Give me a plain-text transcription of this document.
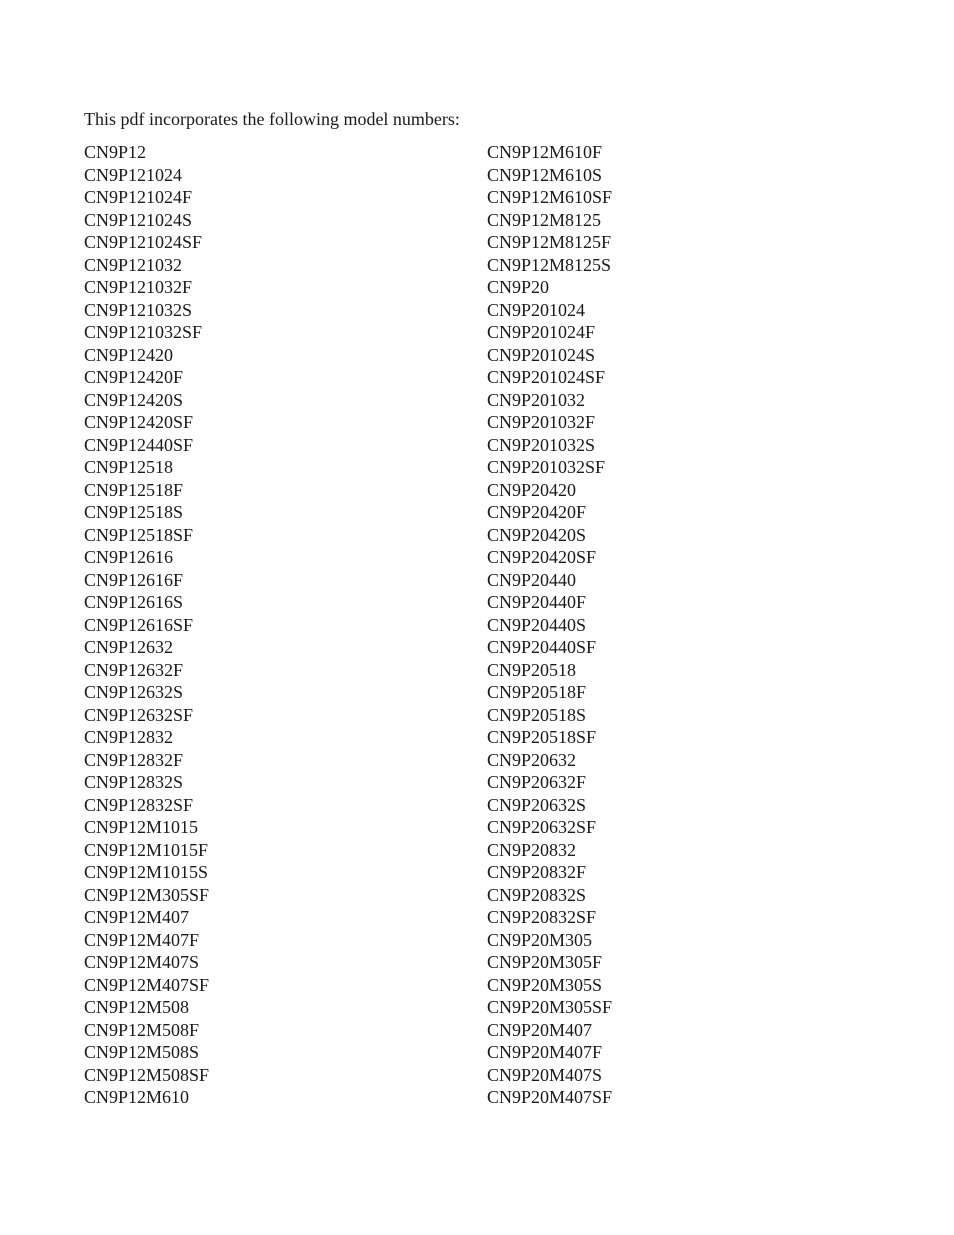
This pdf incorporates the following model numbers:
CN9P12
CN9P121024
CN9P121024F
CN9P121024S
CN9P121024SF
CN9P121032
CN9P121032F
CN9P121032S
CN9P121032SF
CN9P12420
CN9P12420F
CN9P12420S
CN9P12420SF
CN9P12440SF
CN9P12518
CN9P12518F
CN9P12518S
CN9P12518SF
CN9P12616
CN9P12616F
CN9P12616S
CN9P12616SF
CN9P12632
CN9P12632F
CN9P12632S
CN9P12632SF
CN9P12832
CN9P12832F
CN9P12832S
CN9P12832SF
CN9P12M1015
CN9P12M1015F
CN9P12M1015S
CN9P12M305SF
CN9P12M407
CN9P12M407F
CN9P12M407S
CN9P12M407SF
CN9P12M508
CN9P12M508F
CN9P12M508S
CN9P12M508SF
CN9P12M610
CN9P12M610F
CN9P12M610S
CN9P12M610SF
CN9P12M8125
CN9P12M8125F
CN9P12M8125S
CN9P20
CN9P201024
CN9P201024F
CN9P201024S
CN9P201024SF
CN9P201032
CN9P201032F
CN9P201032S
CN9P201032SF
CN9P20420
CN9P20420F
CN9P20420S
CN9P20420SF
CN9P20440
CN9P20440F
CN9P20440S
CN9P20440SF
CN9P20518
CN9P20518F
CN9P20518S
CN9P20518SF
CN9P20632
CN9P20632F
CN9P20632S
CN9P20632SF
CN9P20832
CN9P20832F
CN9P20832S
CN9P20832SF
CN9P20M305
CN9P20M305F
CN9P20M305S
CN9P20M305SF
CN9P20M407
CN9P20M407F
CN9P20M407S
CN9P20M407SF
